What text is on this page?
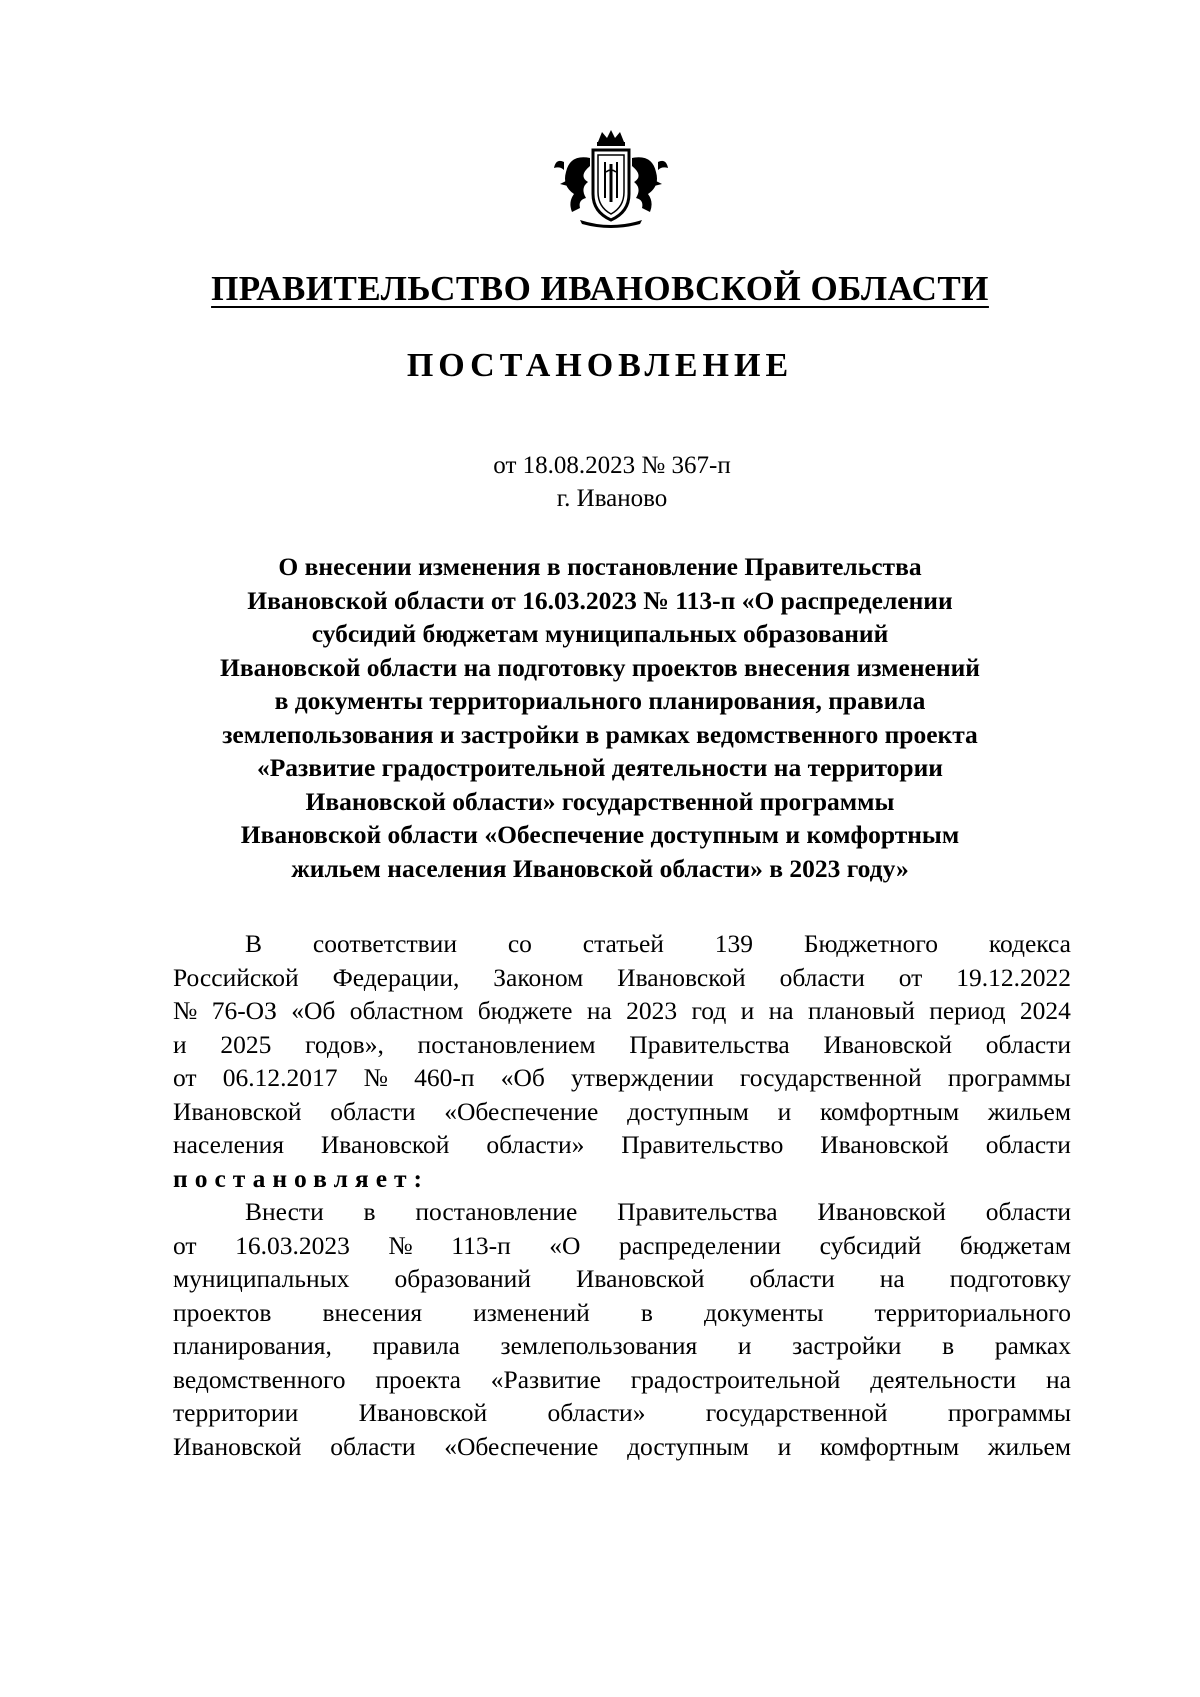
ПРАВИТЕЛЬСТВО ИВАНОВСКОЙ ОБЛАСТИ
ПОСТАНОВЛЕНИЕ
от 18.08.2023 № 367-п
г. Иваново
О внесении изменения в постановление Правительства
Ивановской области от 16.03.2023 № 113-п «О распределении
субсидий бюджетам муниципальных образований
Ивановской области на подготовку проектов внесения изменений
в документы территориального планирования, правила
землепользования и застройки в рамках ведомственного проекта
«Развитие градостроительной деятельности на территории
Ивановской области» государственной программы
Ивановской области «Обеспечение доступным и комфортным
жильем населения Ивановской области» в 2023 году»
В соответствии со статьей 139 Бюджетного кодекса
Российской Федерации, Законом Ивановской области от 19.12.2022
№ 76-ОЗ «Об областном бюджете на 2023 год и на плановый период 2024
и 2025 годов», постановлением Правительства Ивановской области
от 06.12.2017 № 460-п «Об утверждении государственной программы
Ивановской области «Обеспечение доступным и комфортным жильем
населения Ивановской области» Правительство Ивановской области
постановляет:
Внести в постановление Правительства Ивановской области
от 16.03.2023 № 113-п «О распределении субсидий бюджетам
муниципальных образований Ивановской области на подготовку
проектов внесения изменений в документы территориального
планирования, правила землепользования и застройки в рамках
ведомственного проекта «Развитие градостроительной деятельности на
территории Ивановской области» государственной программы
Ивановской области «Обеспечение доступным и комфортным жильем
